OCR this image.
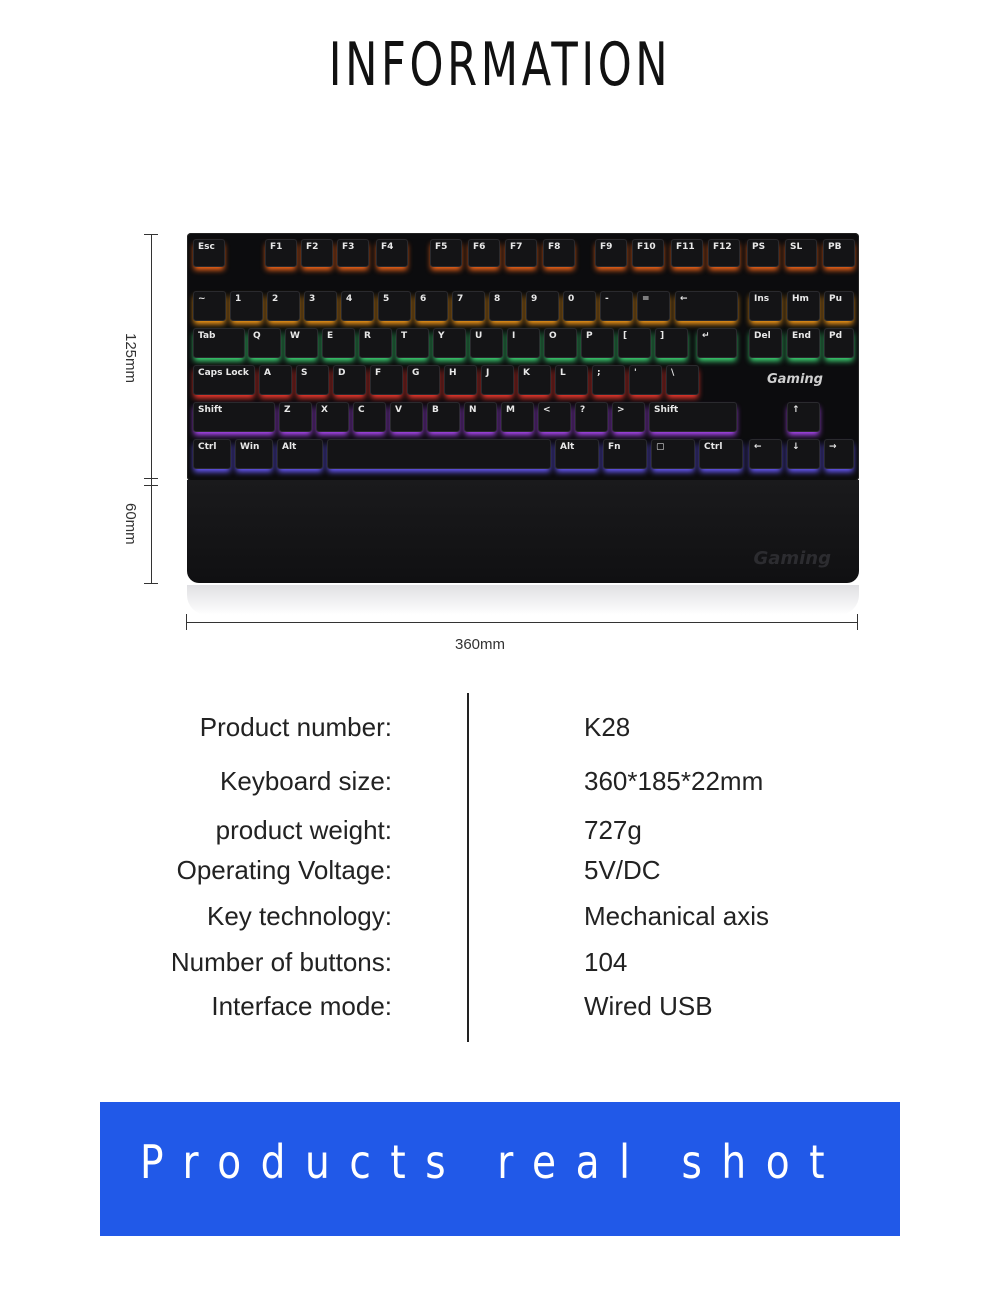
INFORMATION
125mm
60mm
Esc	F1	F2	F3	F4	F5	F6	F7	F8	F9	F10	F11	F12	PS	SL	PB
~	1	2	3	4	5	6	7	8	9	0	-	=	←	Ins	Hm	Pu
Tab	Q	W	E	R	T	Y	U	I	O	P	[	]	↵	Del	End	Pd
Caps Lock	A	S	D	F	G	H	J	K	L	;	'	\
Shift	Z	X	C	V	B	N	M	<	?	>	Shift	↑
Ctrl	Win	Alt	Alt	Fn	▢	Ctrl	←	↓	→
Gaming
Gaming
360mm
Product number:	K28
Keyboard size:	360*185*22mm
product weight:	727g
Operating Voltage:	5V/DC
Key technology:	Mechanical axis
Number of buttons:	104
Interface mode:	Wired USB
Products real shot
